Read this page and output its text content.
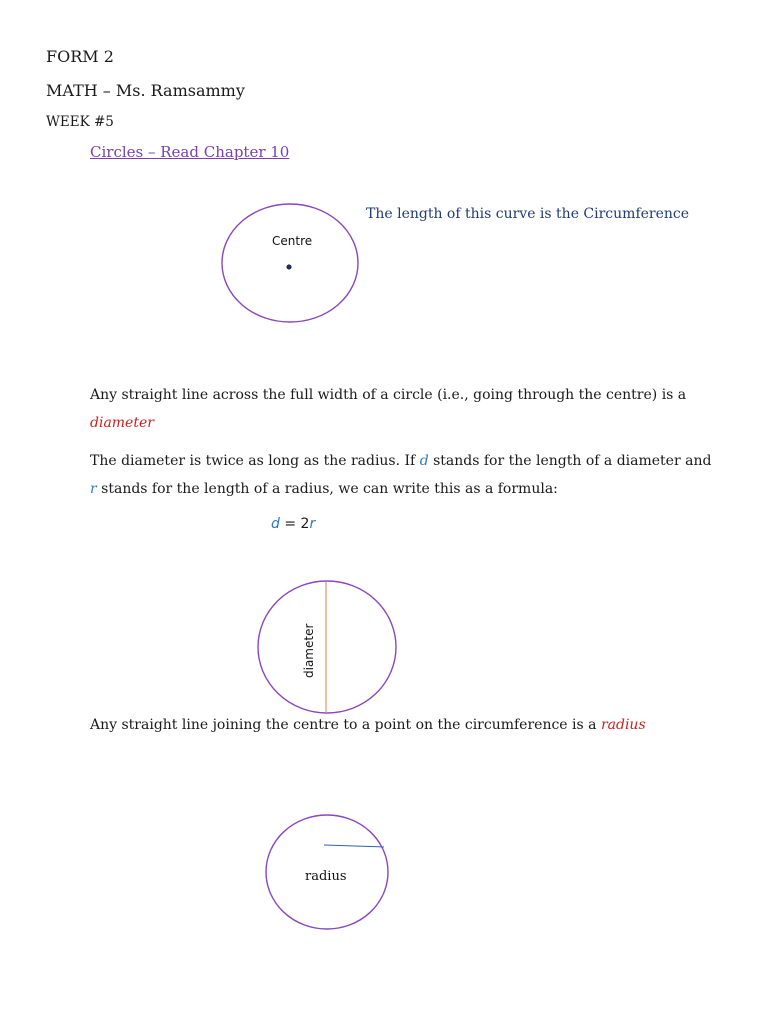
FORM 2
MATH – Ms. Ramsammy
WEEK #5
Circles – Read Chapter 10
Centre
diameter
radius
The length of this curve is the Circumference
Any straight line across the full width of a circle (i.e., going through the centre) is a diameter
The diameter is twice as long as the radius. If d stands for the length of a diameter and r stands for the length of a radius, we can write this as a formula:
d = 2r
Any straight line joining the centre to a point on the circumference is a radius
